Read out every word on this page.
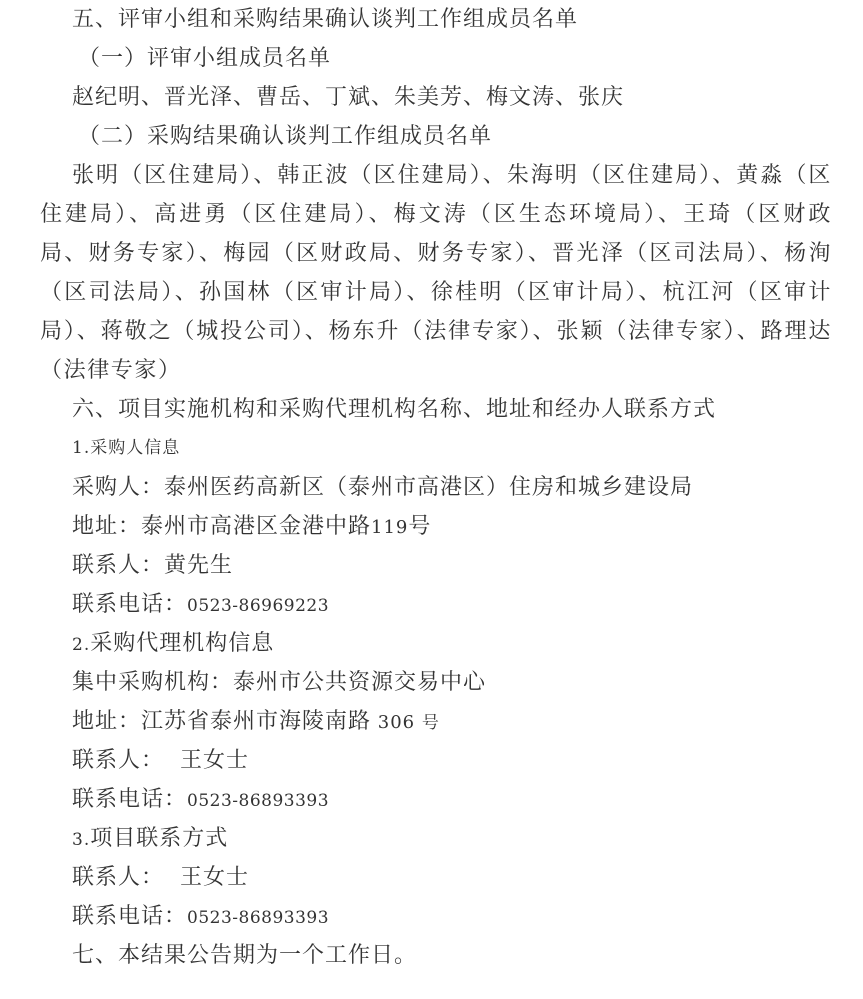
五、评审小组和采购结果确认谈判工作组成员名单
（一）评审小组成员名单
赵纪明、晋光泽、曹岳、丁斌、朱美芳、梅文涛、张庆
（二）采购结果确认谈判工作组成员名单
张明（区住建局）、韩正波（区住建局）、朱海明（区住建局）、黄淼（区住建局）、高进勇（区住建局）、梅文涛（区生态环境局）、王琦（区财政局、财务专家）、梅园（区财政局、财务专家）、晋光泽（区司法局）、杨洵（区司法局）、孙国林（区审计局）、徐桂明（区审计局）、杭江河（区审计局）、蒋敬之（城投公司）、杨东升（法律专家）、张颖（法律专家）、路理达（法律专家）
六、项目实施机构和采购代理机构名称、地址和经办人联系方式
1.采购人信息
采购人：泰州医药高新区（泰州市高港区）住房和城乡建设局
地址：泰州市高港区金港中路119号
联系人：黄先生
联系电话：0523-86969223
2.采购代理机构信息
集中采购机构：泰州市公共资源交易中心
地址：江苏省泰州市海陵南路 306 号
联系人：  王女士
联系电话：0523-86893393
3.项目联系方式
联系人：  王女士
联系电话：0523-86893393
七、本结果公告期为一个工作日。
